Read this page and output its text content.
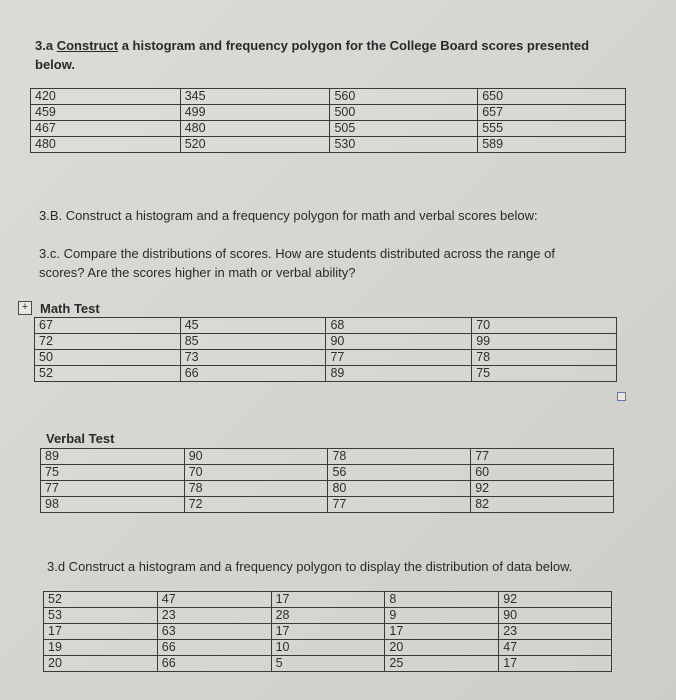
3.a Construct a histogram and frequency polygon for the College Board scores presented
below.
420	345	560	650
459	499	500	657
467	480	505	555
480	520	530	589
3.B. Construct a histogram and a frequency polygon for math and verbal scores below:
3.c. Compare the distributions of scores. How are students distributed across the range of
scores? Are the scores higher in math or verbal ability?
+ Math Test
67	45	68	70
72	85	90	99
50	73	77	78
52	66	89	75
Verbal Test
89	90	78	77
75	70	56	60
77	78	80	92
98	72	77	82
3.d Construct a histogram and a frequency polygon to display the distribution of data below.
52	47	17	8	92
53	23	28	9	90
17	63	17	17	23
19	66	10	20	47
20	66	5	25	17
